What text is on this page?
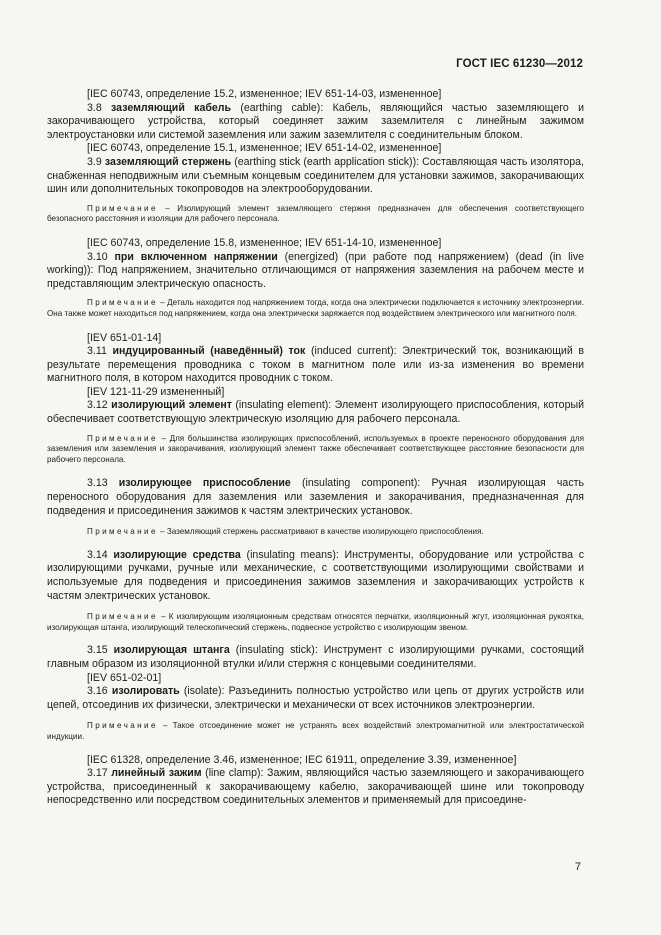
ГОСТ IEC 61230—2012

[IEC 60743, определение 15.2, измененное; IEV 651-14-03, измененное]

3.8 заземляющий кабель (earthing cable): Кабель, являющийся частью заземляющего и закорачивающего устройства, который соединяет зажим заземлителя с линейным зажимом электроустановки или системой заземления или зажим заземлителя с соединительным блоком.

[IEC 60743, определение 15.1, измененное; IEV 651-14-02, измененное]

3.9 заземляющий стержень (earthing stick (earth application stick)): Составляющая часть изолятора, снабженная неподвижным или съемным концевым соединителем для установки зажимов, закорачивающих шин или дополнительных токопроводов на электрооборудовании.

Примечание – Изолирующий элемент заземляющего стержня предназначен для обеспечения соответствующего безопасного расстояния и изоляции для рабочего персонала.

[IEC 60743, определение 15.8, измененное; IEV 651-14-10, измененное]

3.10 при включенном напряжении (energized) (при работе под напряжением) (dead (in live working)): Под напряжением, значительно отличающимся от напряжения заземления на рабочем месте и представляющим электрическую опасность.

Примечание – Деталь находится под напряжением тогда, когда она электрически подключается к источнику электроэнергии. Она также может находиться под напряжением, когда она электрически заряжается под воздействием электрического или магнитного поля.

[IEV 651-01-14]

3.11 индуцированный (наведённый) ток (induced current): Электрический ток, возникающий в результате перемещения проводника с током в магнитном поле или из-за изменения во времени магнитного поля, в котором находится проводник с током.

[IEV 121-11-29 измененный]

3.12 изолирующий элемент (insulating element): Элемент изолирующего приспособления, который обеспечивает соответствующую электрическую изоляцию для рабочего персонала.

Примечание – Для большинства изолирующих приспособлений, используемых в проекте переносного оборудования для заземления или заземления и закорачивания, изолирующий элемент также обеспечивает соответствующее расстояние безопасности для рабочего персонала.

3.13 изолирующее приспособление (insulating component): Ручная изолирующая часть переносного оборудования для заземления или заземления и закорачивания, предназначенная для подведения и присоединения зажимов к частям электрических установок.

Примечание – Заземляющий стержень рассматривают в качестве изолирующего приспособления.

3.14 изолирующие средства (insulating means): Инструменты, оборудование или устройства с изолирующими ручками, ручные или механические, с соответствующими изолирующими свойствами и используемые для подведения и присоединения зажимов заземления и закорачивающих устройств к частям электрических установок.

Примечание – К изолирующим изоляционным средствам относятся перчатки, изоляционный жгут, изоляционная рукоятка, изолирующая штанга, изолирующий телескопический стержень, подвесное устройство с изолирующим звеном.

3.15 изолирующая штанга (insulating stick): Инструмент с изолирующими ручками, состоящий главным образом из изоляционной втулки и/или стержня с концевыми соединителями.

[IEV 651-02-01]

3.16 изолировать (isolate): Разъединить полностью устройство или цепь от других устройств или цепей, отсоединив их физически, электрически и механически от всех источников электроэнергии.

Примечание – Такое отсоединение может не устранять всех воздействий электромагнитной или электростатической индукции.

[IEC 61328, определение 3.46, измененное; IEC 61911, определение 3.39, измененное]

3.17 линейный зажим (line clamp): Зажим, являющийся частью заземляющего и закорачивающего устройства, присоединенный к закорачивающему кабелю, закорачивающей шине или токопроводу непосредственно или посредством соединительных элементов и применяемый для присоедине-

7
